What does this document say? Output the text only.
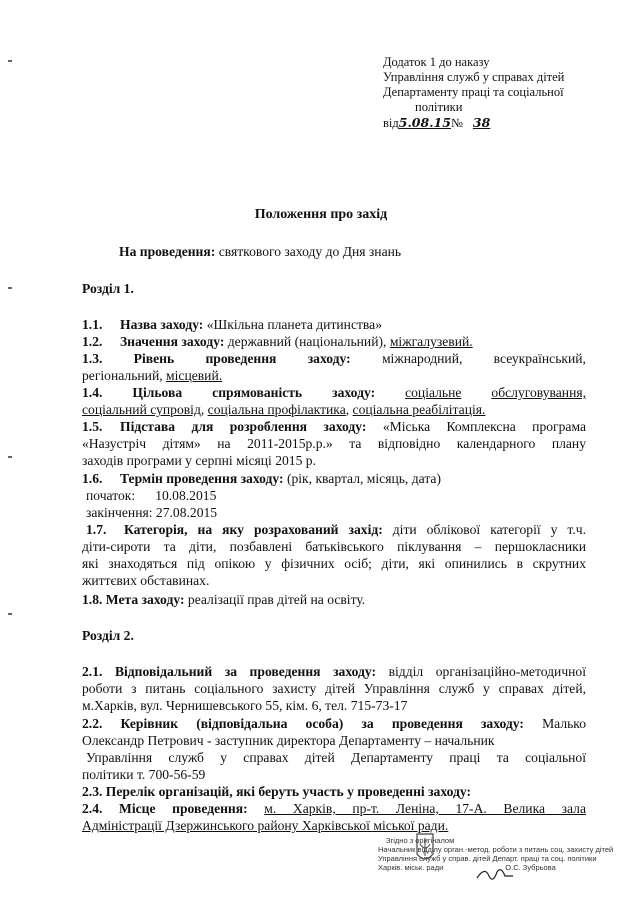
Додаток 1 до наказу
Управління служб у справах дітей
Департаменту праці та соціальної
політики
від5.08.15№ 38
Положення про захід
На проведення: святкового заходу до Дня знань
Розділ 1.
1.1. Назва заходу: «Шкільна планета дитинства»
1.2. Значення заходу: державний (національний), міжгалузевий.
1.3. Рівень проведення заходу: міжнародний, всеукраїнський,
регіональний, місцевий.
1.4. Цільова спрямованість заходу: соціальне обслуговування,
соціальний супровід, соціальна профілактика, соціальна реабілітація.
1.5. Підстава для розроблення заходу: «Міська Комплексна програма
«Назустріч дітям» на 2011-2015р.р.» та відповідно календарного плану
заходів програми у серпні місяці 2015 р.
1.6. Термін проведення заходу: (рік, квартал, місяць, дата)
початок: 10.08.2015
закінчення: 27.08.2015
1.7. Категорія, на яку розрахований захід: діти облікової категорії у т.ч.
діти-сироти та діти, позбавлені батьківського піклування – першокласники
які знаходяться під опікою у фізичних осіб; діти, які опинились в скрутних
життєвих обставинах.
1.8. Мета заходу: реалізації прав дітей на освіту.
Розділ 2.
2.1. Відповідальний за проведення заходу: відділ організаційно-методичної
роботи з питань соціального захисту дітей Управління служб у справах дітей,
м.Харків, вул. Чернишевського 55, кім. 6, тел. 715-73-17
2.2. Керівник (відповідальна особа) за проведення заходу: Малько
Олександр Петрович - заступник директора Департаменту – начальник
Управління служб у справах дітей Департаменту праці та соціальної
політики т. 700-56-59
2.3. Перелік організацій, які беруть участь у проведенні заходу:
2.4. Місце проведення: м. Харків, пр-т. Леніна, 17-А. Велика зала
Адміністрації Дзержинського району Харківської міської ради.
Згідно з оригіналом
Начальник відділу орган.-метод. роботи з питань соц. захисту дітей
Управління служб у справ. дітей Департ. праці та соц. політики
Харків. міськ. ради	О.С. Зубрьова
